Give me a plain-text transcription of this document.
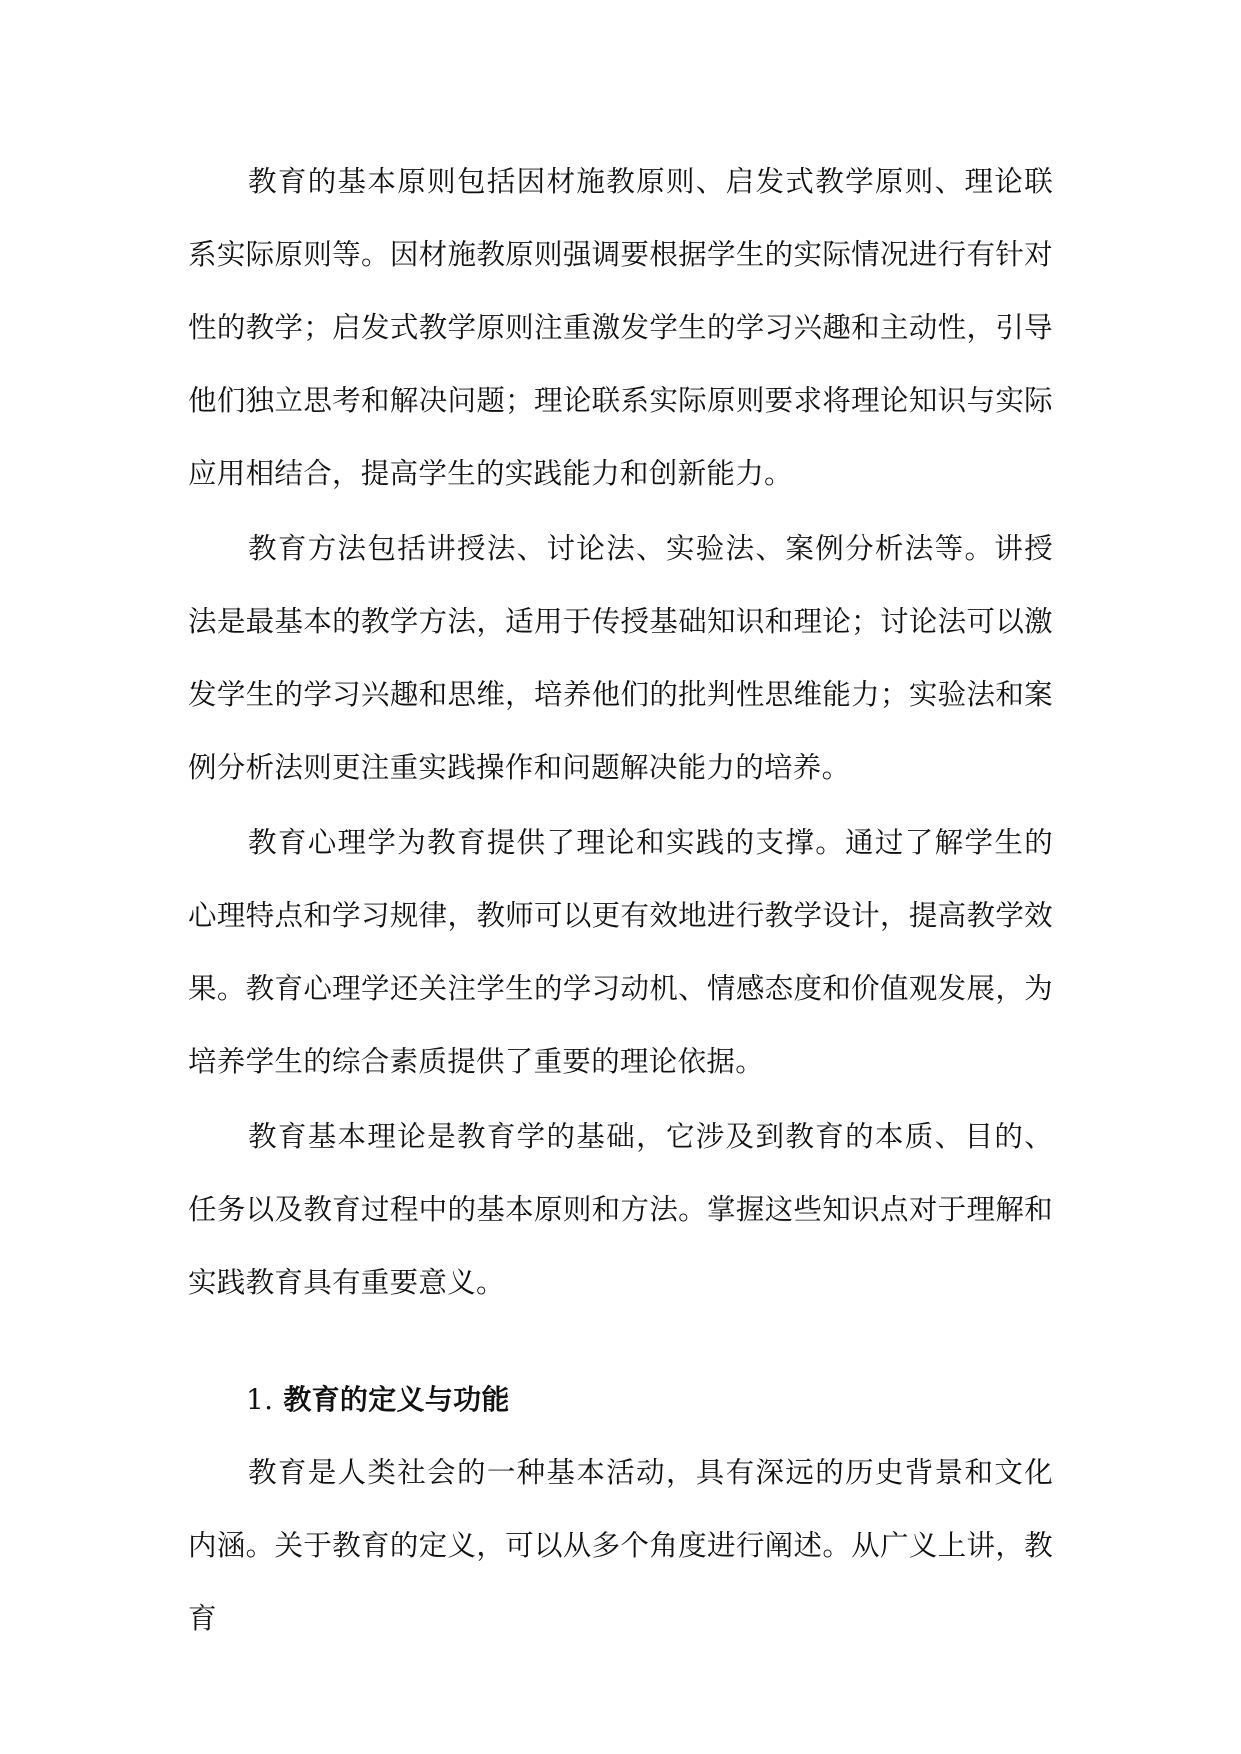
教育的基本原则包括因材施教原则、启发式教学原则、理论联系实际原则等。因材施教原则强调要根据学生的实际情况进行有针对性的教学；启发式教学原则注重激发学生的学习兴趣和主动性，引导他们独立思考和解决问题；理论联系实际原则要求将理论知识与实际应用相结合，提高学生的实践能力和创新能力。

教育方法包括讲授法、讨论法、实验法、案例分析法等。讲授法是最基本的教学方法，适用于传授基础知识和理论；讨论法可以激发学生的学习兴趣和思维，培养他们的批判性思维能力；实验法和案例分析法则更注重实践操作和问题解决能力的培养。

教育心理学为教育提供了理论和实践的支撑。通过了解学生的心理特点和学习规律，教师可以更有效地进行教学设计，提高教学效果。教育心理学还关注学生的学习动机、情感态度和价值观发展，为培养学生的综合素质提供了重要的理论依据。

教育基本理论是教育学的基础，它涉及到教育的本质、目的、任务以及教育过程中的基本原则和方法。掌握这些知识点对于理解和实践教育具有重要意义。

1. 教育的定义与功能

教育是人类社会的一种基本活动，具有深远的历史背景和文化内涵。关于教育的定义，可以从多个角度进行阐述。从广义上讲，教育
